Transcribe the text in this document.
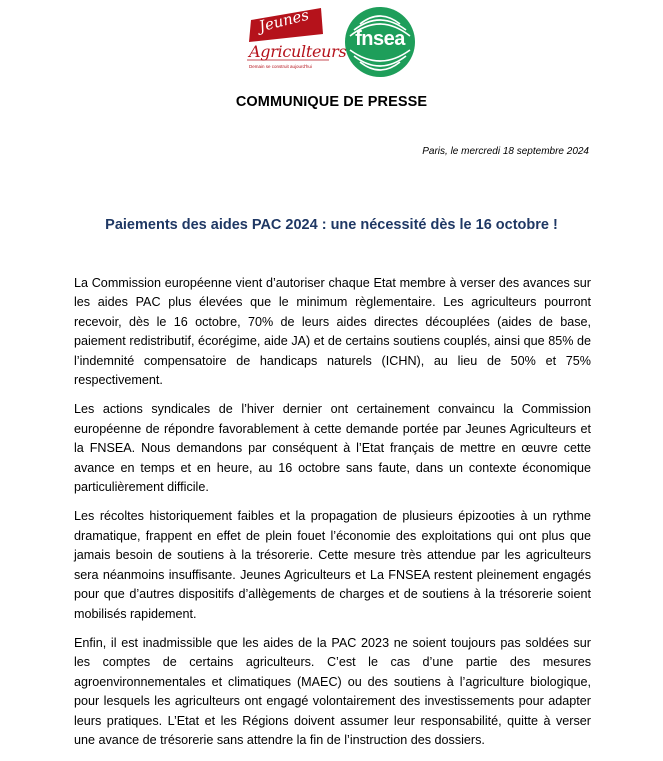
Jeunes
Agriculteurs
Demain se construit aujourd'hui
fnsea
COMMUNIQUE DE PRESSE
Paris, le mercredi 18 septembre 2024
Paiements des aides PAC 2024 : une nécessité dès le 16 octobre !

La Commission européenne vient d’autoriser chaque Etat membre à verser des avances sur les aides PAC plus élevées que le minimum règlementaire. Les agriculteurs pourront recevoir, dès le 16 octobre, 70% de leurs aides directes découplées (aides de base, paiement redistributif, écorégime, aide JA) et de certains soutiens couplés, ainsi que 85% de l’indemnité compensatoire de handicaps naturels (ICHN), au lieu de 50% et 75% respectivement.

Les actions syndicales de l’hiver dernier ont certainement convaincu la Commission européenne de répondre favorablement à cette demande portée par Jeunes Agriculteurs et la FNSEA. Nous demandons par conséquent à l’Etat français de mettre en œuvre cette avance en temps et en heure, au 16 octobre sans faute, dans un contexte économique particulièrement difficile.

Les récoltes historiquement faibles et la propagation de plusieurs épizooties à un rythme dramatique, frappent en effet de plein fouet l’économie des exploitations qui ont plus que jamais besoin de soutiens à la trésorerie. Cette mesure très attendue par les agriculteurs sera néanmoins insuffisante. Jeunes Agriculteurs et La FNSEA restent pleinement engagés pour que d’autres dispositifs d’allègements de charges et de soutiens à la trésorerie soient mobilisés rapidement.

Enfin, il est inadmissible que les aides de la PAC 2023 ne soient toujours pas soldées sur les comptes de certains agriculteurs. C’est le cas d’une partie des mesures agroenvironnementales et climatiques (MAEC) ou des soutiens à l’agriculture biologique, pour lesquels les agriculteurs ont engagé volontairement des investissements pour adapter leurs pratiques. L’Etat et les Régions doivent assumer leur responsabilité, quitte à verser une avance de trésorerie sans attendre la fin de l’instruction des dossiers.
